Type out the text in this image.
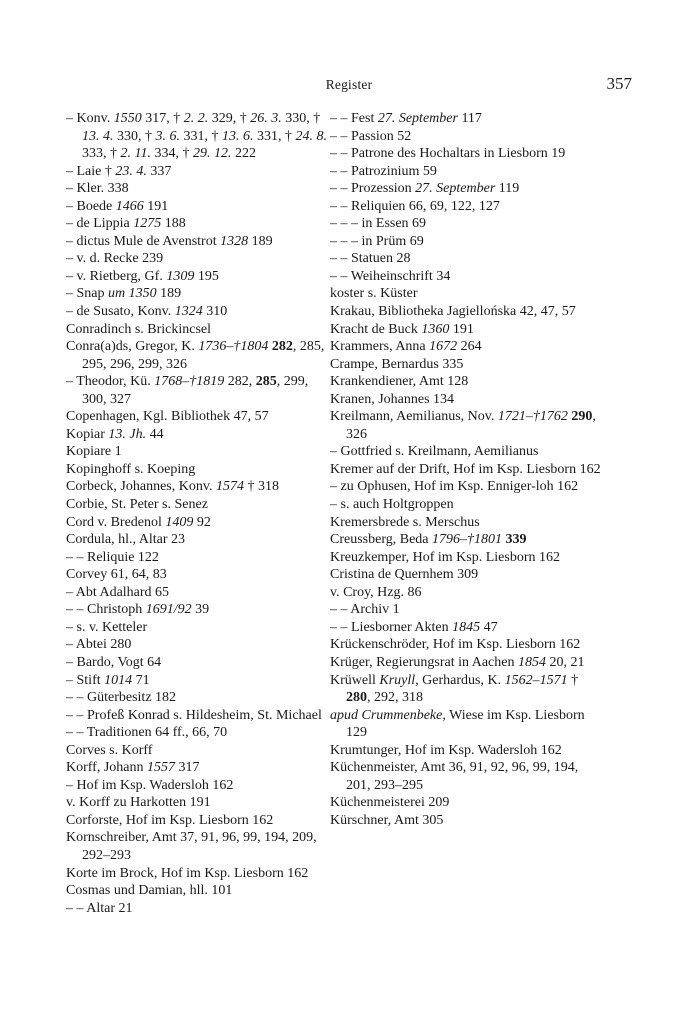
Register	357

– Konv. 1550 317, † 2. 2. 329, † 26. 3. 330, † 13. 4. 330, † 3. 6. 331, † 13. 6. 331, † 24. 8. 333, † 2. 11. 334, † 29. 12. 222

– Laie † 23. 4. 337

– Kler. 338

– Boede 1466 191

– de Lippia 1275 188

– dictus Mule de Avenstrot 1328 189

– v. d. Recke 239

– v. Rietberg, Gf. 1309 195

– Snap um 1350 189

– de Susato, Konv. 1324 310

Conradinch s. Brickincsel

Conra(a)ds, Gregor, K. 1736–†1804 282, 285, 295, 296, 299, 326

– Theodor, Kü. 1768–†1819 282, 285, 299, 300, 327

Copenhagen, Kgl. Bibliothek 47, 57

Kopiar 13. Jh. 44

Kopiare 1

Kopinghoff s. Koeping

Corbeck, Johannes, Konv. 1574 † 318

Corbie, St. Peter s. Senez

Cord v. Bredenol 1409 92

Cordula, hl., Altar 23

– – Reliquie 122

Corvey 61, 64, 83

– Abt Adalhard 65

– – Christoph 1691/92 39

– s. v. Ketteler

– Abtei 280

– Bardo, Vogt 64

– Stift 1014 71

– – Güterbesitz 182

– – Profeß Konrad s. Hildesheim, St. Michael

– – Traditionen 64 ff., 66, 70

Corves s. Korff

Korff, Johann 1557 317

– Hof im Ksp. Wadersloh 162

v. Korff zu Harkotten 191

Corforste, Hof im Ksp. Liesborn 162

Kornschreiber, Amt 37, 91, 96, 99, 194, 209, 292–293

Korte im Brock, Hof im Ksp. Liesborn 162

Cosmas und Damian, hll. 101

– – Altar 21

– – Fest 27. September 117

– – Passion 52

– – Patrone des Hochaltars in Liesborn 19

– – Patrozinium 59

– – Prozession 27. September 119

– – Reliquien 66, 69, 122, 127

– – – in Essen 69

– – – in Prüm 69

– – Statuen 28

– – Weiheinschrift 34

koster s. Küster

Krakau, Bibliotheka Jagiellońska 42, 47, 57

Kracht de Buck 1360 191

Krammers, Anna 1672 264

Crampe, Bernardus 335

Krankendiener, Amt 128

Kranen, Johannes 134

Kreilmann, Aemilianus, Nov. 1721–†1762 290, 326

– Gottfried s. Kreilmann, Aemilianus

Kremer auf der Drift, Hof im Ksp. Liesborn 162

– zu Ophusen, Hof im Ksp. Enniger-loh 162

– s. auch Holtgroppen

Kremersbrede s. Merschus

Creussberg, Beda 1796–†1801 339

Kreuzkemper, Hof im Ksp. Liesborn 162

Cristina de Quernhem 309

v. Croy, Hzg. 86

– – Archiv 1

– – Liesborner Akten 1845 47

Krückenschröder, Hof im Ksp. Liesborn 162

Krüger, Regierungsrat in Aachen 1854 20, 21

Krüwell Kruyll, Gerhardus, K. 1562–1571 † 280, 292, 318

apud Crummenbeke, Wiese im Ksp. Liesborn 129

Krumtunger, Hof im Ksp. Wadersloh 162

Küchenmeister, Amt 36, 91, 92, 96, 99, 194, 201, 293–295

Küchenmeisterei 209

Kürschner, Amt 305
